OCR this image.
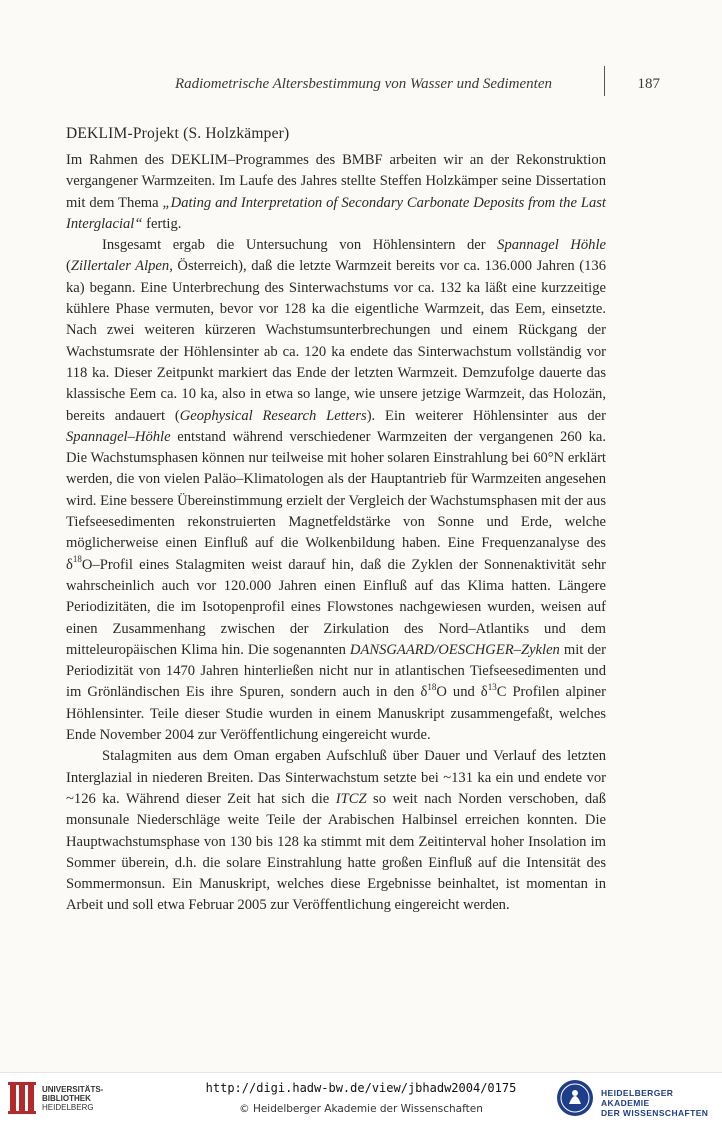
Radiometrische Altersbestimmung von Wasser und Sedimenten	187
DEKLIM-Projekt (S. Holzkämper)

Im Rahmen des DEKLIM–Programmes des BMBF arbeiten wir an der Rekonstruktion vergangener Warmzeiten. Im Laufe des Jahres stellte Steffen Holzkämper seine Dissertation mit dem Thema „Dating and Interpretation of Secondary Carbonate Deposits from the Last Interglacial“ fertig.

Insgesamt ergab die Untersuchung von Höhlensintern der Spannagel Höhle (Zillertaler Alpen, Österreich), daß die letzte Warmzeit bereits vor ca. 136.000 Jahren (136 ka) begann. Eine Unterbrechung des Sinterwachstums vor ca. 132 ka läßt eine kurzzeitige kühlere Phase vermuten, bevor vor 128 ka die eigentliche Warmzeit, das Eem, einsetzte. Nach zwei weiteren kürzeren Wachstumsunterbrechungen und einem Rückgang der Wachstumsrate der Höhlensinter ab ca. 120 ka endete das Sinterwachstum vollständig vor 118 ka. Dieser Zeitpunkt markiert das Ende der letzten Warmzeit. Demzufolge dauerte das klassische Eem ca. 10 ka, also in etwa so lange, wie unsere jetzige Warmzeit, das Holozän, bereits andauert (Geophysical Research Letters). Ein weiterer Höhlensinter aus der Spannagel–Höhle entstand während verschiedener Warmzeiten der vergangenen 260 ka. Die Wachstumsphasen können nur teilweise mit hoher solaren Einstrahlung bei 60°N erklärt werden, die von vielen Paläo–Klimatologen als der Hauptantrieb für Warmzeiten angesehen wird. Eine bessere Übereinstimmung erzielt der Vergleich der Wachstumsphasen mit der aus Tiefseesedimenten rekonstruierten Magnetfeldstärke von Sonne und Erde, welche möglicherweise einen Einfluß auf die Wolkenbildung haben. Eine Frequenzanalyse des $\delta^{18}O$–Profil eines Stalagmiten weist darauf hin, daß die Zyklen der Sonnenaktivität sehr wahrscheinlich auch vor 120.000 Jahren einen Einfluß auf das Klima hatten. Längere Periodizitäten, die im Isotopenprofil eines Flowstones nachgewiesen wurden, weisen auf einen Zusammenhang zwischen der Zirkulation des Nord–Atlantiks und dem mitteleuropäischen Klima hin. Die sogenannten DANSGAARD/OESCHGER–Zyklen mit der Periodizität von 1470 Jahren hinterließen nicht nur in atlantischen Tiefseesedimenten und im Grönländischen Eis ihre Spuren, sondern auch in den $\delta^{18}O$ und $\delta^{13}C$ Profilen alpiner Höhlensinter. Teile dieser Studie wurden in einem Manuskript zusammengefaßt, welches Ende November 2004 zur Veröffentlichung eingereicht wurde.

Stalagmiten aus dem Oman ergaben Aufschluß über Dauer und Verlauf des letzten Interglazial in niederen Breiten. Das Sinterwachstum setzte bei ~131 ka ein und endete vor ~126 ka. Während dieser Zeit hat sich die ITCZ so weit nach Norden verschoben, daß monsunale Niederschläge weite Teile der Arabischen Halbinsel erreichen konnten. Die Hauptwachstumsphase von 130 bis 128 ka stimmt mit dem Zeitinterval hoher Insolation im Sommer überein, d.h. die solare Einstrahlung hatte großen Einfluß auf die Intensität des Sommermonsun. Ein Manuskript, welches diese Ergebnisse beinhaltet, ist momentan in Arbeit und soll etwa Februar 2005 zur Veröffentlichung eingereicht werden.

UNIVERSITÄTS-
BIBLIOTHEK
HEIDELBERG
http://digi.hadw-bw.de/view/jbhadw2004/0175
© Heidelberger Akademie der Wissenschaften
HEIDELBERGER AKADEMIE
DER WISSENSCHAFTEN
